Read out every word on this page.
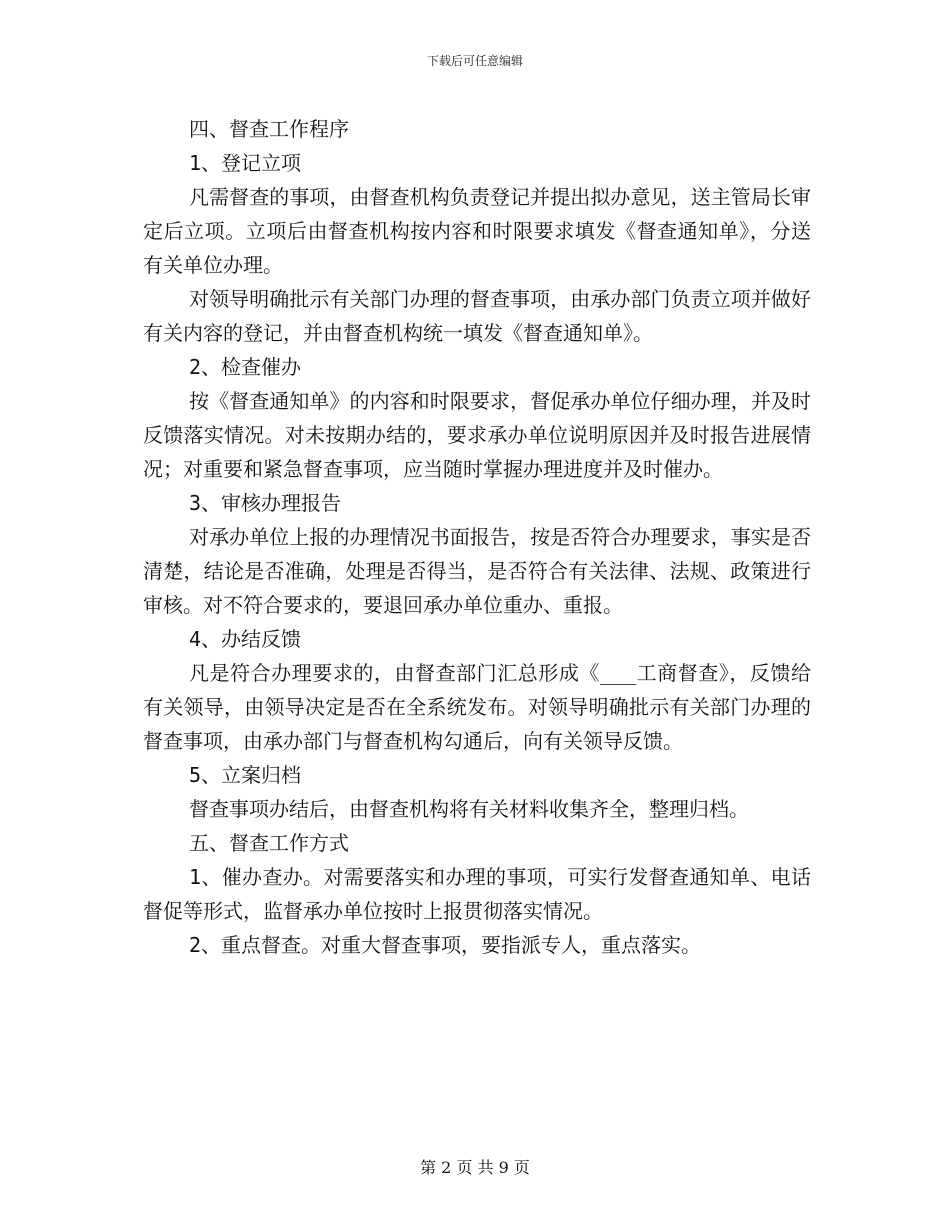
下载后可任意编辑

四、督查工作程序

1、登记立项

凡需督查的事项，由督查机构负责登记并提出拟办意见，送主管局长审定后立项。立项后由督查机构按内容和时限要求填发《督查通知单》，分送有关单位办理。

对领导明确批示有关部门办理的督查事项，由承办部门负责立项并做好有关内容的登记，并由督查机构统一填发《督查通知单》。

2、检查催办

按《督查通知单》的内容和时限要求，督促承办单位仔细办理，并及时反馈落实情况。对未按期办结的，要求承办单位说明原因并及时报告进展情况；对重要和紧急督查事项，应当随时掌握办理进度并及时催办。

3、审核办理报告

对承办单位上报的办理情况书面报告，按是否符合办理要求，事实是否清楚，结论是否准确，处理是否得当，是否符合有关法律、法规、政策进行审核。对不符合要求的，要退回承办单位重办、重报。

4、办结反馈

凡是符合办理要求的，由督查部门汇总形成《___工商督查》，反馈给有关领导，由领导决定是否在全系统发布。对领导明确批示有关部门办理的督查事项，由承办部门与督查机构勾通后，向有关领导反馈。

5、立案归档

督查事项办结后，由督查机构将有关材料收集齐全，整理归档。

五、督查工作方式

1、催办查办。对需要落实和办理的事项，可实行发督查通知单、电话督促等形式，监督承办单位按时上报贯彻落实情况。

2、重点督查。对重大督查事项，要指派专人，重点落实。

第 2 页 共 9 页
